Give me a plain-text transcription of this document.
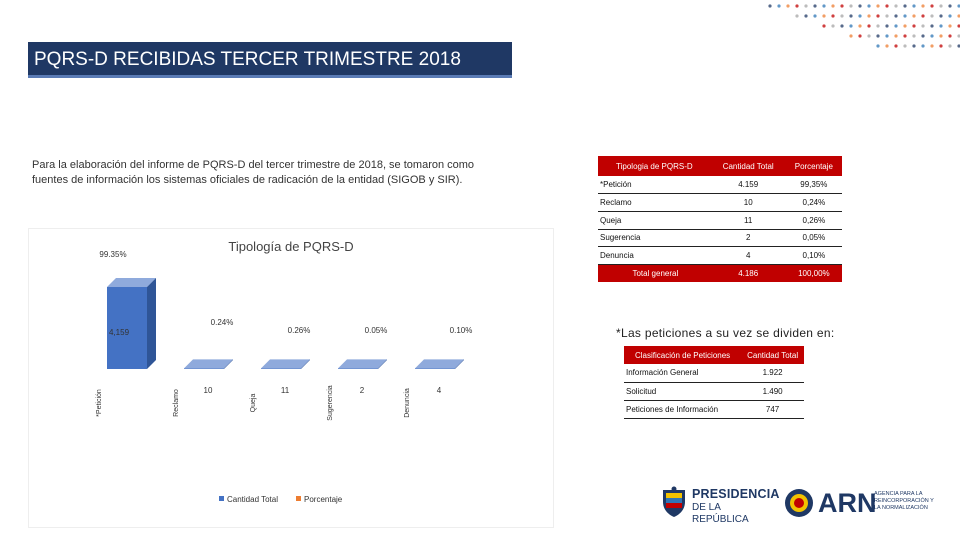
PQRS-D RECIBIDAS TERCER TRIMESTRE 2018

Para la elaboración del informe de PQRS-D del tercer trimestre de 2018, se tomaron como fuentes de información los sistemas oficiales de radicación de la entidad (SIGOB y SIR).

Tipología de PQRS-D
*Petición
4,159
99.35%
Reclamo	10
0.24%
Queja
11
0.26%
Sugerencia	2
0.05%
Denuncia	4
0.10%
Cantidad Total	Porcentaje
Tipologia de PQRS-D	Cantidad Total	Porcentaje
*Petición	4.159	99,35%
Reclamo	10	0,24%
Queja	11	0,26%
Sugerencia	2	0,05%
Denuncia	4	0,10%
Total general	4.186	100,00%
*Las peticiones a su vez se dividen en:
Clasificación de Peticiones	Cantidad Total
Información General	1.922
Solicitud	1.490
Peticiones de Información	747
PRESIDENCIA
DE LA REPÚBLICA
ARN
AGENCIA PARA LA REINCORPORACIÓN Y LA NORMALIZACIÓN
